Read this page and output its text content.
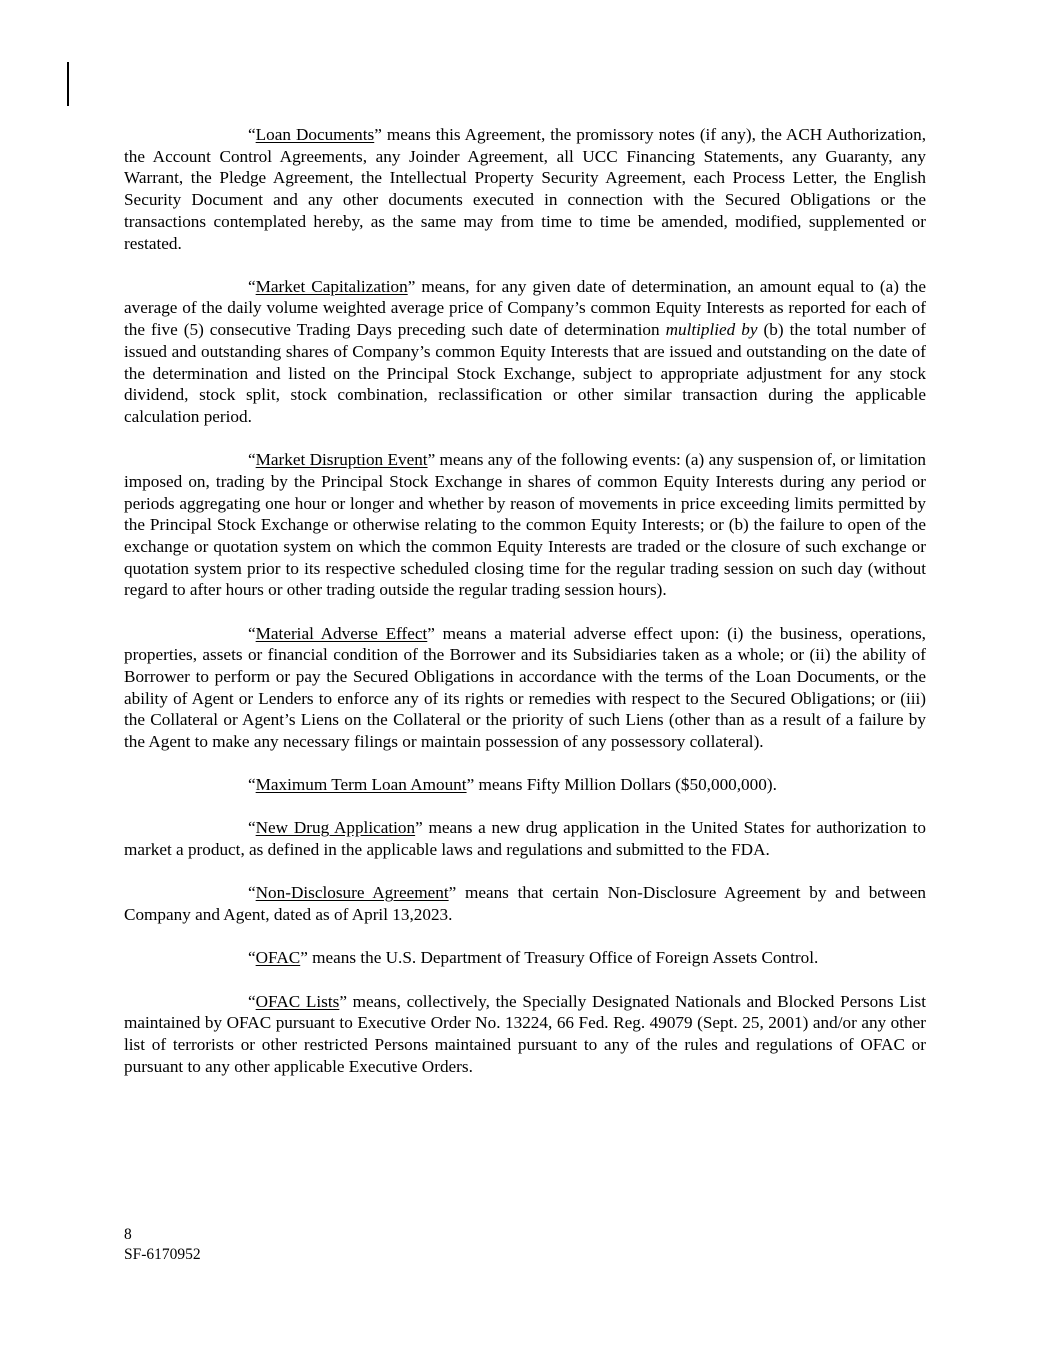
“Loan Documents” means this Agreement, the promissory notes (if any), the ACH Authorization, the Account Control Agreements, any Joinder Agreement, all UCC Financing Statements, any Guaranty, any Warrant, the Pledge Agreement, the Intellectual Property Security Agreement, each Process Letter, the English Security Document and any other documents executed in connection with the Secured Obligations or the transactions contemplated hereby, as the same may from time to time be amended, modified, supplemented or restated.

“Market Capitalization” means, for any given date of determination, an amount equal to (a) the average of the daily volume weighted average price of Company’s common Equity Interests as reported for each of the five (5) consecutive Trading Days preceding such date of determination multiplied by (b) the total number of issued and outstanding shares of Company’s common Equity Interests that are issued and outstanding on the date of the determination and listed on the Principal Stock Exchange, subject to appropriate adjustment for any stock dividend, stock split, stock combination, reclassification or other similar transaction during the applicable calculation period.

“Market Disruption Event” means any of the following events: (a) any suspension of, or limitation imposed on, trading by the Principal Stock Exchange in shares of common Equity Interests during any period or periods aggregating one hour or longer and whether by reason of movements in price exceeding limits permitted by the Principal Stock Exchange or otherwise relating to the common Equity Interests; or (b) the failure to open of the exchange or quotation system on which the common Equity Interests are traded or the closure of such exchange or quotation system prior to its respective scheduled closing time for the regular trading session on such day (without regard to after hours or other trading outside the regular trading session hours).

“Material Adverse Effect” means a material adverse effect upon: (i) the business, operations, properties, assets or financial condition of the Borrower and its Subsidiaries taken as a whole; or (ii) the ability of Borrower to perform or pay the Secured Obligations in accordance with the terms of the Loan Documents, or the ability of Agent or Lenders to enforce any of its rights or remedies with respect to the Secured Obligations; or (iii) the Collateral or Agent’s Liens on the Collateral or the priority of such Liens (other than as a result of a failure by the Agent to make any necessary filings or maintain possession of any possessory collateral).

“Maximum Term Loan Amount” means Fifty Million Dollars ($50,000,000).

“New Drug Application” means a new drug application in the United States for authorization to market a product, as defined in the applicable laws and regulations and submitted to the FDA.

“Non-Disclosure Agreement” means that certain Non-Disclosure Agreement by and between Company and Agent, dated as of April 13,2023.

“OFAC” means the U.S. Department of Treasury Office of Foreign Assets Control.

“OFAC Lists” means, collectively, the Specially Designated Nationals and Blocked Persons List maintained by OFAC pursuant to Executive Order No. 13224, 66 Fed. Reg. 49079 (Sept. 25, 2001) and/or any other list of terrorists or other restricted Persons maintained pursuant to any of the rules and regulations of OFAC or pursuant to any other applicable Executive Orders.

8
SF-6170952
